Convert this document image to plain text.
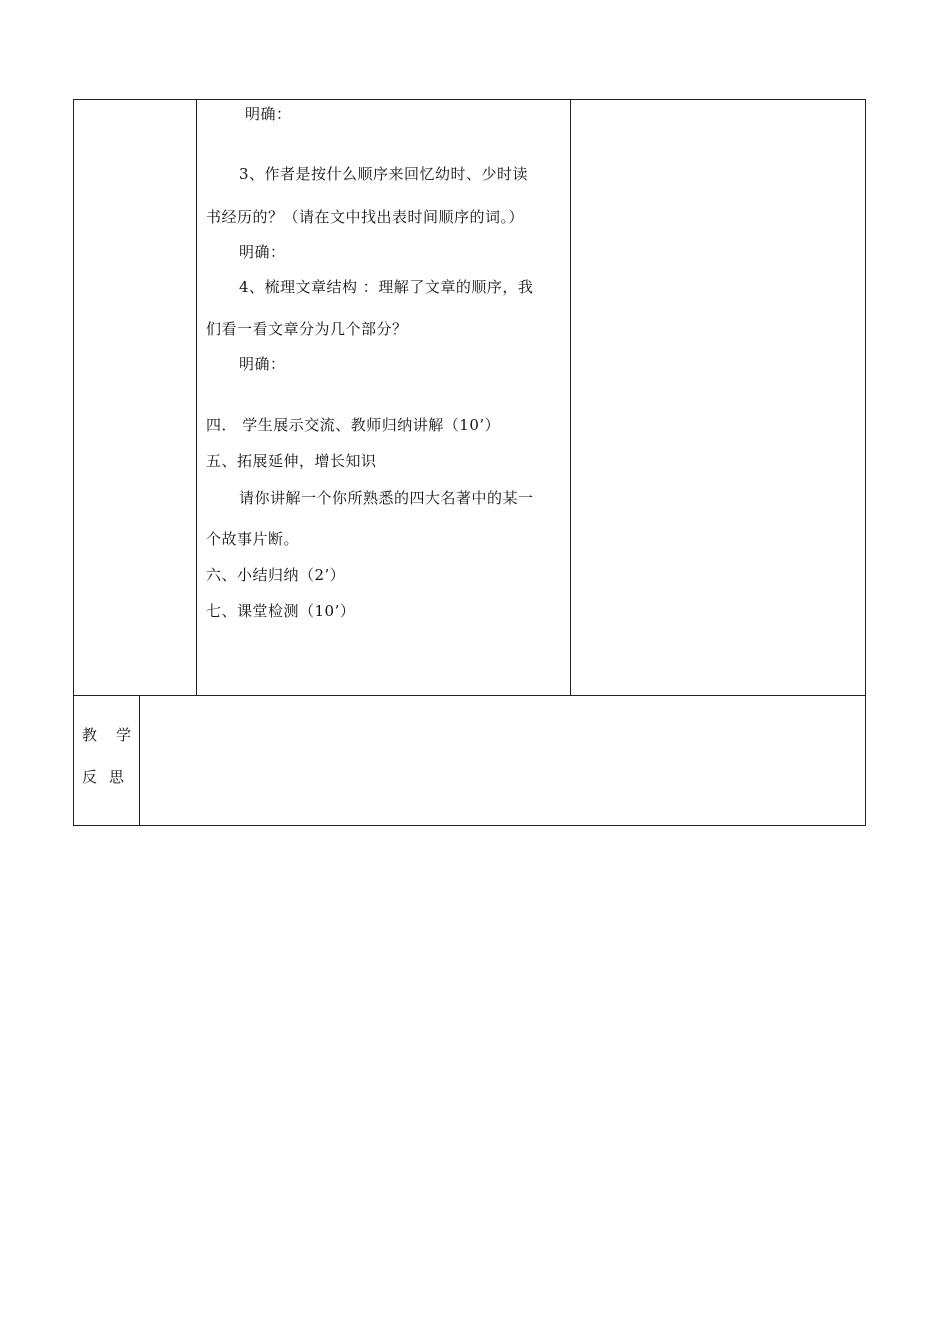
明确：
3、作者是按什么顺序来回忆幼时、少时读
书经历的？（请在文中找出表时间顺序的词。）
明确：
4、梳理文章结构 ：理解了文章的顺序，我
们看一看文章分为几个部分？
明确：
四． 学生展示交流、教师归纳讲解（10’）
五、拓展延伸，增长知识
请你讲解一个你所熟悉的四大名著中的某一
个故事片断。
六、小结归纳（2’）
七、课堂检测（10’）
教 学
反 思
